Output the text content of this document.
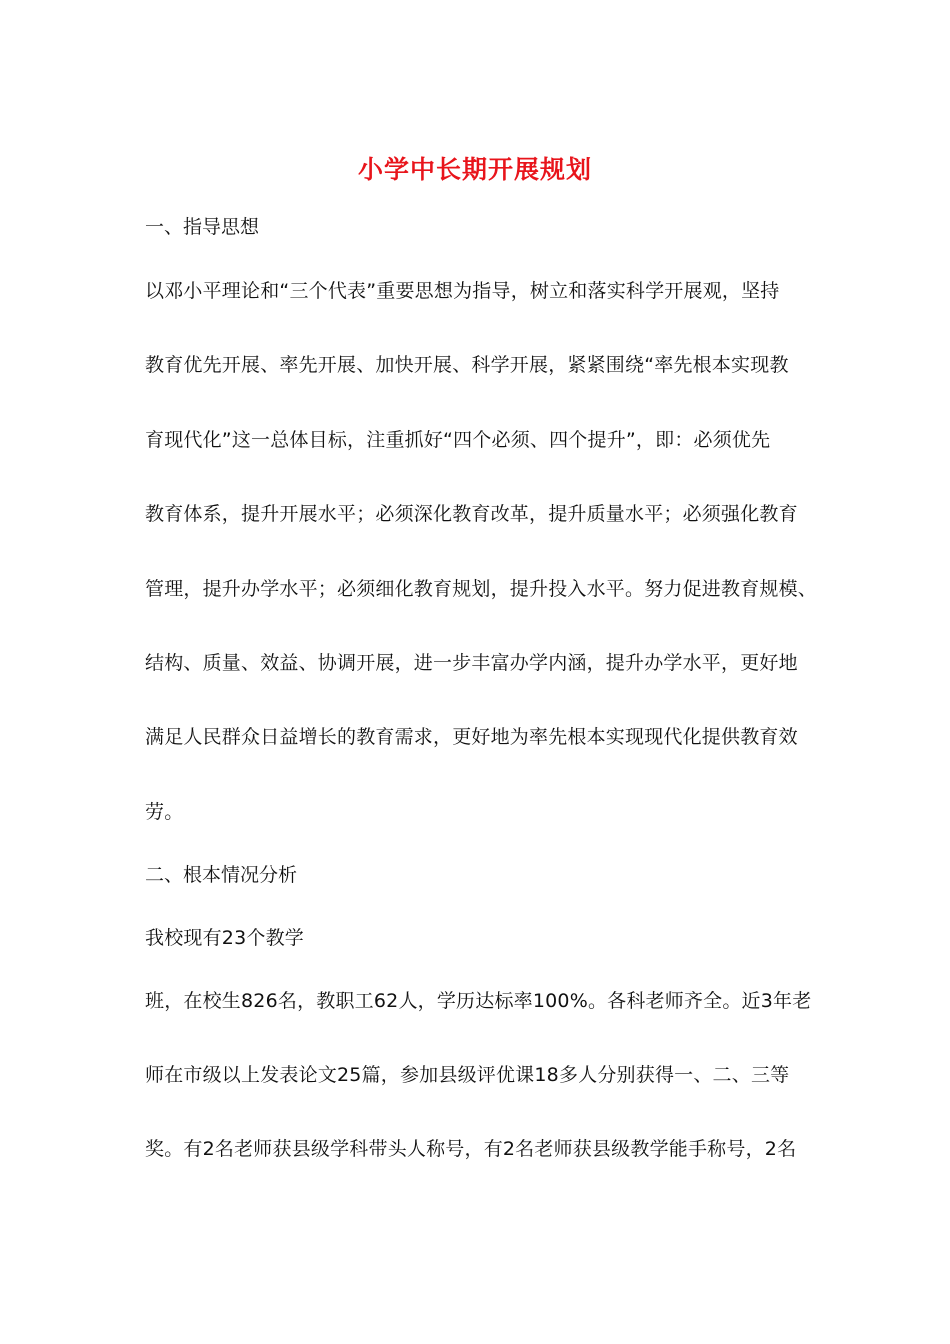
小学中长期开展规划
一、指导思想
以邓小平理论和“三个代表”重要思想为指导，树立和落实科学开展观，坚持
教育优先开展、率先开展、加快开展、科学开展，紧紧围绕“率先根本实现教
育现代化”这一总体目标，注重抓好“四个必须、四个提升”，即：必须优先
教育体系，提升开展水平；必须深化教育改革，提升质量水平；必须强化教育
管理，提升办学水平；必须细化教育规划，提升投入水平。努力促进教育规模、
结构、质量、效益、协调开展，进一步丰富办学内涵，提升办学水平，更好地
满足人民群众日益增长的教育需求，更好地为率先根本实现现代化提供教育效
劳。
二、根本情况分析
我校现有23个教学
班，在校生826名，教职工62人，学历达标率100%。各科老师齐全。近3年老
师在市级以上发表论文25篇，参加县级评优课18多人分别获得一、二、三等
奖。有2名老师获县级学科带头人称号，有2名老师获县级教学能手称号，2名
